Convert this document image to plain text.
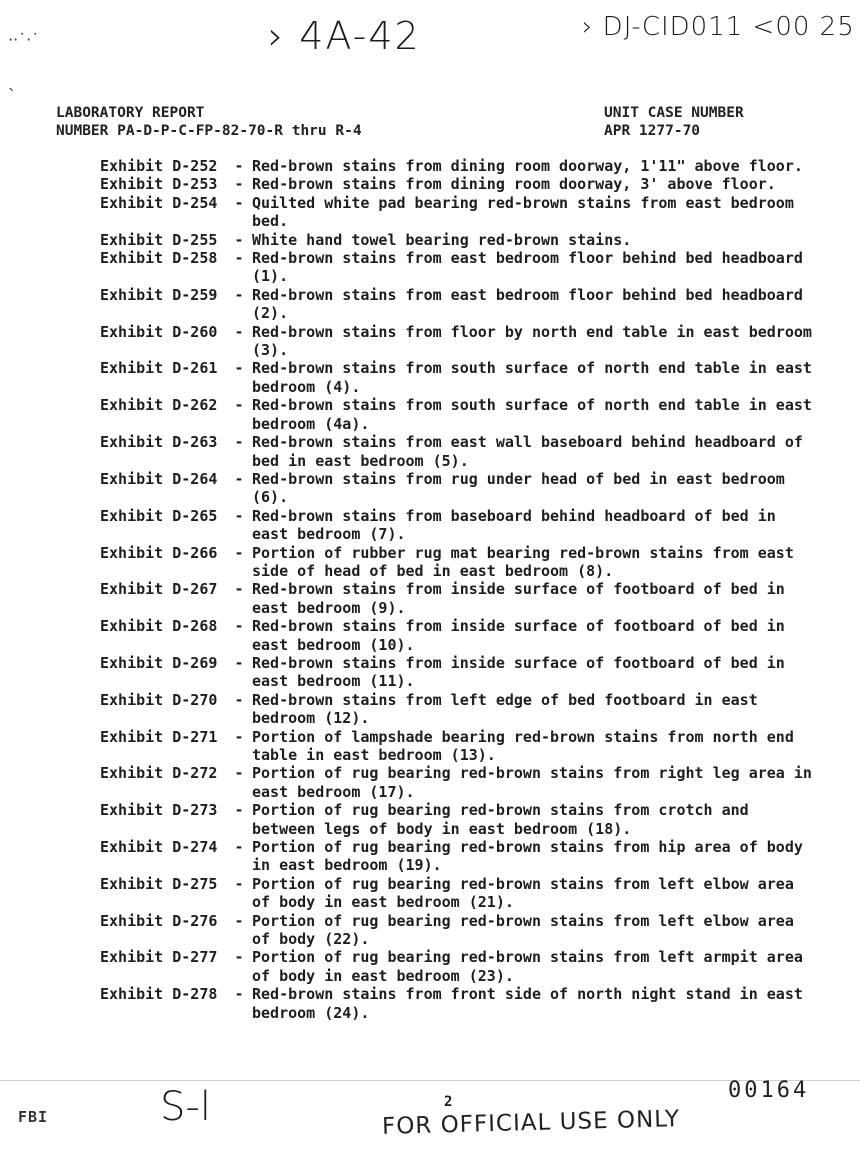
› 4A-42	› DJ-CID011 <00 25
··˙·˙
ˋ
LABORATORY REPORT
NUMBER PA-D-P-C-FP-82-70-R thru R-4
UNIT CASE NUMBER
APR 1277-70
Exhibit D-252	- Red-brown stains from dining room doorway, 1'11" above floor.
Exhibit D-253	- Red-brown stains from dining room doorway, 3' above floor.
Exhibit D-254	- Quilted white pad bearing red-brown stains from east bedroom bed.
Exhibit D-255	- White hand towel bearing red-brown stains.
Exhibit D-258	- Red-brown stains from east bedroom floor behind bed headboard (1).
Exhibit D-259	- Red-brown stains from east bedroom floor behind bed headboard (2).
Exhibit D-260	- Red-brown stains from floor by north end table in east bedroom (3).
Exhibit D-261	- Red-brown stains from south surface of north end table in east bedroom (4).
Exhibit D-262	- Red-brown stains from south surface of north end table in east bedroom (4a).
Exhibit D-263	- Red-brown stains from east wall baseboard behind headboard of bed in east bedroom (5).
Exhibit D-264	- Red-brown stains from rug under head of bed in east bedroom (6).
Exhibit D-265	- Red-brown stains from baseboard behind headboard of bed in east bedroom (7).
Exhibit D-266	- Portion of rubber rug mat bearing red-brown stains from east side of head of bed in east bedroom (8).
Exhibit D-267	- Red-brown stains from inside surface of footboard of bed in east bedroom (9).
Exhibit D-268	- Red-brown stains from inside surface of footboard of bed in east bedroom (10).
Exhibit D-269	- Red-brown stains from inside surface of footboard of bed in east bedroom (11).
Exhibit D-270	- Red-brown stains from left edge of bed footboard in east bedroom (12).
Exhibit D-271	- Portion of lampshade bearing red-brown stains from north end table in east bedroom (13).
Exhibit D-272	- Portion of rug bearing red-brown stains from right leg area in east bedroom (17).
Exhibit D-273	- Portion of rug bearing red-brown stains from crotch and between legs of body in east bedroom (18).
Exhibit D-274	- Portion of rug bearing red-brown stains from hip area of body in east bedroom (19).
Exhibit D-275	- Portion of rug bearing red-brown stains from left elbow area of body in east bedroom (21).
Exhibit D-276	- Portion of rug bearing red-brown stains from left elbow area of body (22).
Exhibit D-277	- Portion of rug bearing red-brown stains from left armpit area of body in east bedroom (23).
Exhibit D-278	- Red-brown stains from front side of north night stand in east bedroom (24).
S-l
FBI
2
FOR OFFICIAL USE ONLY
00164
